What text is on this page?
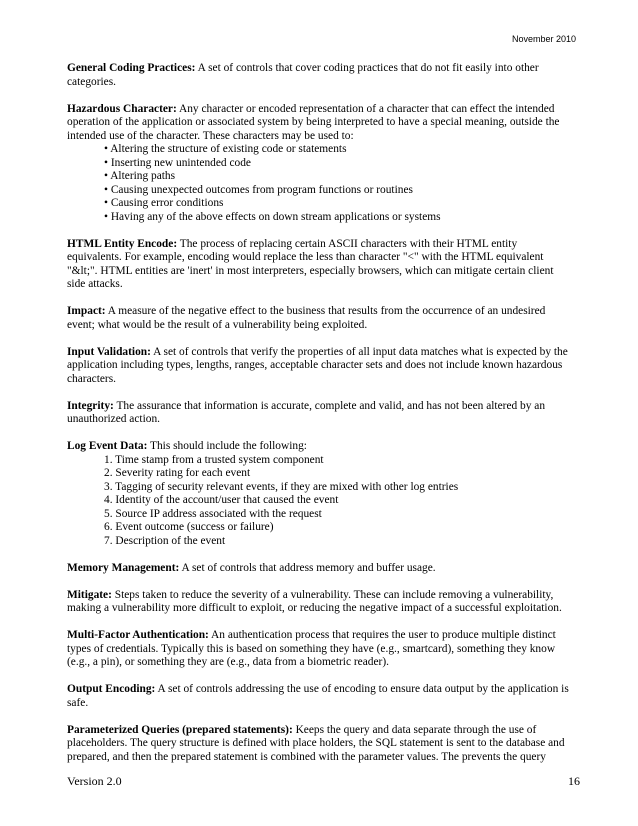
November 2010

General Coding Practices: A set of controls that cover coding practices that do not fit easily into other categories.

Hazardous Character: Any character or encoded representation of a character that can effect the intended operation of the application or associated system by being interpreted to have a special meaning, outside the intended use of the character. These characters may be used to:
• Altering the structure of existing code or statements
• Inserting new unintended code
• Altering paths
• Causing unexpected outcomes from program functions or routines
• Causing error conditions
• Having any of the above effects on down stream applications or systems

HTML Entity Encode: The process of replacing certain ASCII characters with their HTML entity equivalents. For example, encoding would replace the less than character "<" with the HTML equivalent "&lt;". HTML entities are 'inert' in most interpreters, especially browsers, which can mitigate certain client side attacks.

Impact: A measure of the negative effect to the business that results from the occurrence of an undesired event; what would be the result of a vulnerability being exploited.

Input Validation: A set of controls that verify the properties of all input data matches what is expected by the application including types, lengths, ranges, acceptable character sets and does not include known hazardous characters.

Integrity: The assurance that information is accurate, complete and valid, and has not been altered by an unauthorized action.

Log Event Data: This should include the following:
1. Time stamp from a trusted system component
2. Severity rating for each event
3. Tagging of security relevant events, if they are mixed with other log entries
4. Identity of the account/user that caused the event
5. Source IP address associated with the request
6. Event outcome (success or failure)
7. Description of the event

Memory Management: A set of controls that address memory and buffer usage.

Mitigate: Steps taken to reduce the severity of a vulnerability. These can include removing a vulnerability, making a vulnerability more difficult to exploit, or reducing the negative impact of a successful exploitation.

Multi-Factor Authentication: An authentication process that requires the user to produce multiple distinct types of credentials. Typically this is based on something they have (e.g., smartcard), something they know (e.g., a pin), or something they are (e.g., data from a biometric reader).

Output Encoding: A set of controls addressing the use of encoding to ensure data output by the application is safe.

Parameterized Queries (prepared statements): Keeps the query and data separate through the use of placeholders. The query structure is defined with place holders, the SQL statement is sent to the database and prepared, and then the prepared statement is combined with the parameter values. The prevents the query

Version 2.0	16
